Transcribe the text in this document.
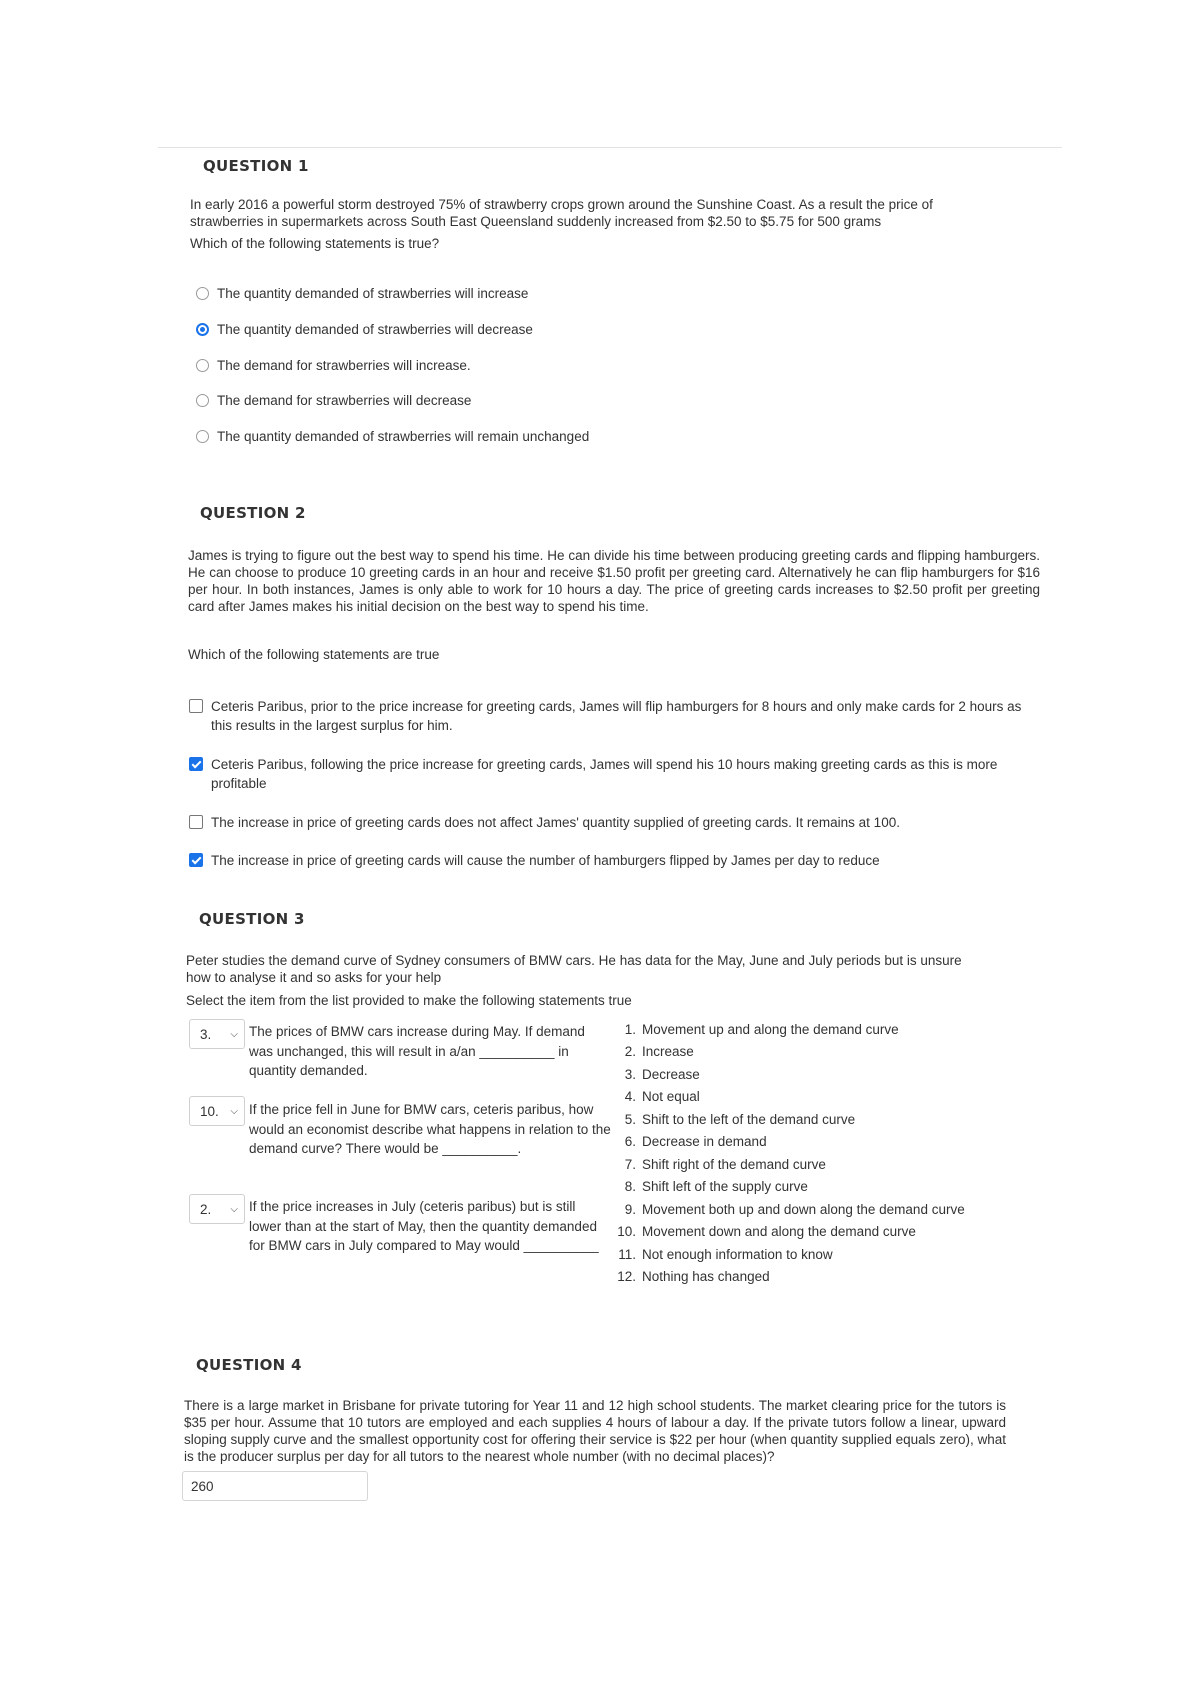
QUESTION 1
In early 2016 a powerful storm destroyed 75% of strawberry crops grown around the Sunshine Coast. As a result the price of
strawberries in supermarkets across South East Queensland suddenly increased from $2.50 to $5.75 for 500 grams
Which of the following statements is true?
The quantity demanded of strawberries will increase
The quantity demanded of strawberries will decrease
The demand for strawberries will increase.
The demand for strawberries will decrease
The quantity demanded of strawberries will remain unchanged
QUESTION 2
James is trying to figure out the best way to spend his time. He can divide his time between producing greeting cards and flipping hamburgers. He can choose to produce 10 greeting cards in an hour and receive $1.50 profit per greeting card. Alternatively he can flip hamburgers for $16 per hour. In both instances, James is only able to work for 10 hours a day. The price of greeting cards increases to $2.50 profit per greeting card after James makes his initial decision on the best way to spend his time.
Which of the following statements are true
Ceteris Paribus, prior to the price increase for greeting cards, James will flip hamburgers for 8 hours and only make cards for 2 hours as this results in the largest surplus for him.
Ceteris Paribus, following the price increase for greeting cards, James will spend his 10 hours making greeting cards as this is more profitable
The increase in price of greeting cards does not affect James' quantity supplied of greeting cards. It remains at 100.
The increase in price of greeting cards will cause the number of hamburgers flipped by James per day to reduce
QUESTION 3
Peter studies the demand curve of Sydney consumers of BMW cars. He has data for the May, June and July periods but is unsure
how to analyse it and so asks for your help
Select the item from the list provided to make the following statements true
3. ⌵ The prices of BMW cars increase during May. If demand was unchanged, this will result in a/an __________ in quantity demanded.
10. ⌵ If the price fell in June for BMW cars, ceteris paribus, how would an economist describe what happens in relation to the demand curve? There would be __________.
2. ⌵ If the price increases in July (ceteris paribus) but is still lower than at the start of May, then the quantity demanded for BMW cars in July compared to May would __________
1. Movement up and along the demand curve
2. Increase
3. Decrease
4. Not equal
5. Shift to the left of the demand curve
6. Decrease in demand
7. Shift right of the demand curve
8. Shift left of the supply curve
9. Movement both up and down along the demand curve
10. Movement down and along the demand curve
11. Not enough information to know
12. Nothing has changed
QUESTION 4
There is a large market in Brisbane for private tutoring for Year 11 and 12 high school students. The market clearing price for the tutors is $35 per hour. Assume that 10 tutors are employed and each supplies 4 hours of labour a day. If the private tutors follow a linear, upward sloping supply curve and the smallest opportunity cost for offering their service is $22 per hour (when quantity supplied equals zero), what is the producer surplus per day for all tutors to the nearest whole number (with no decimal places)?
260
